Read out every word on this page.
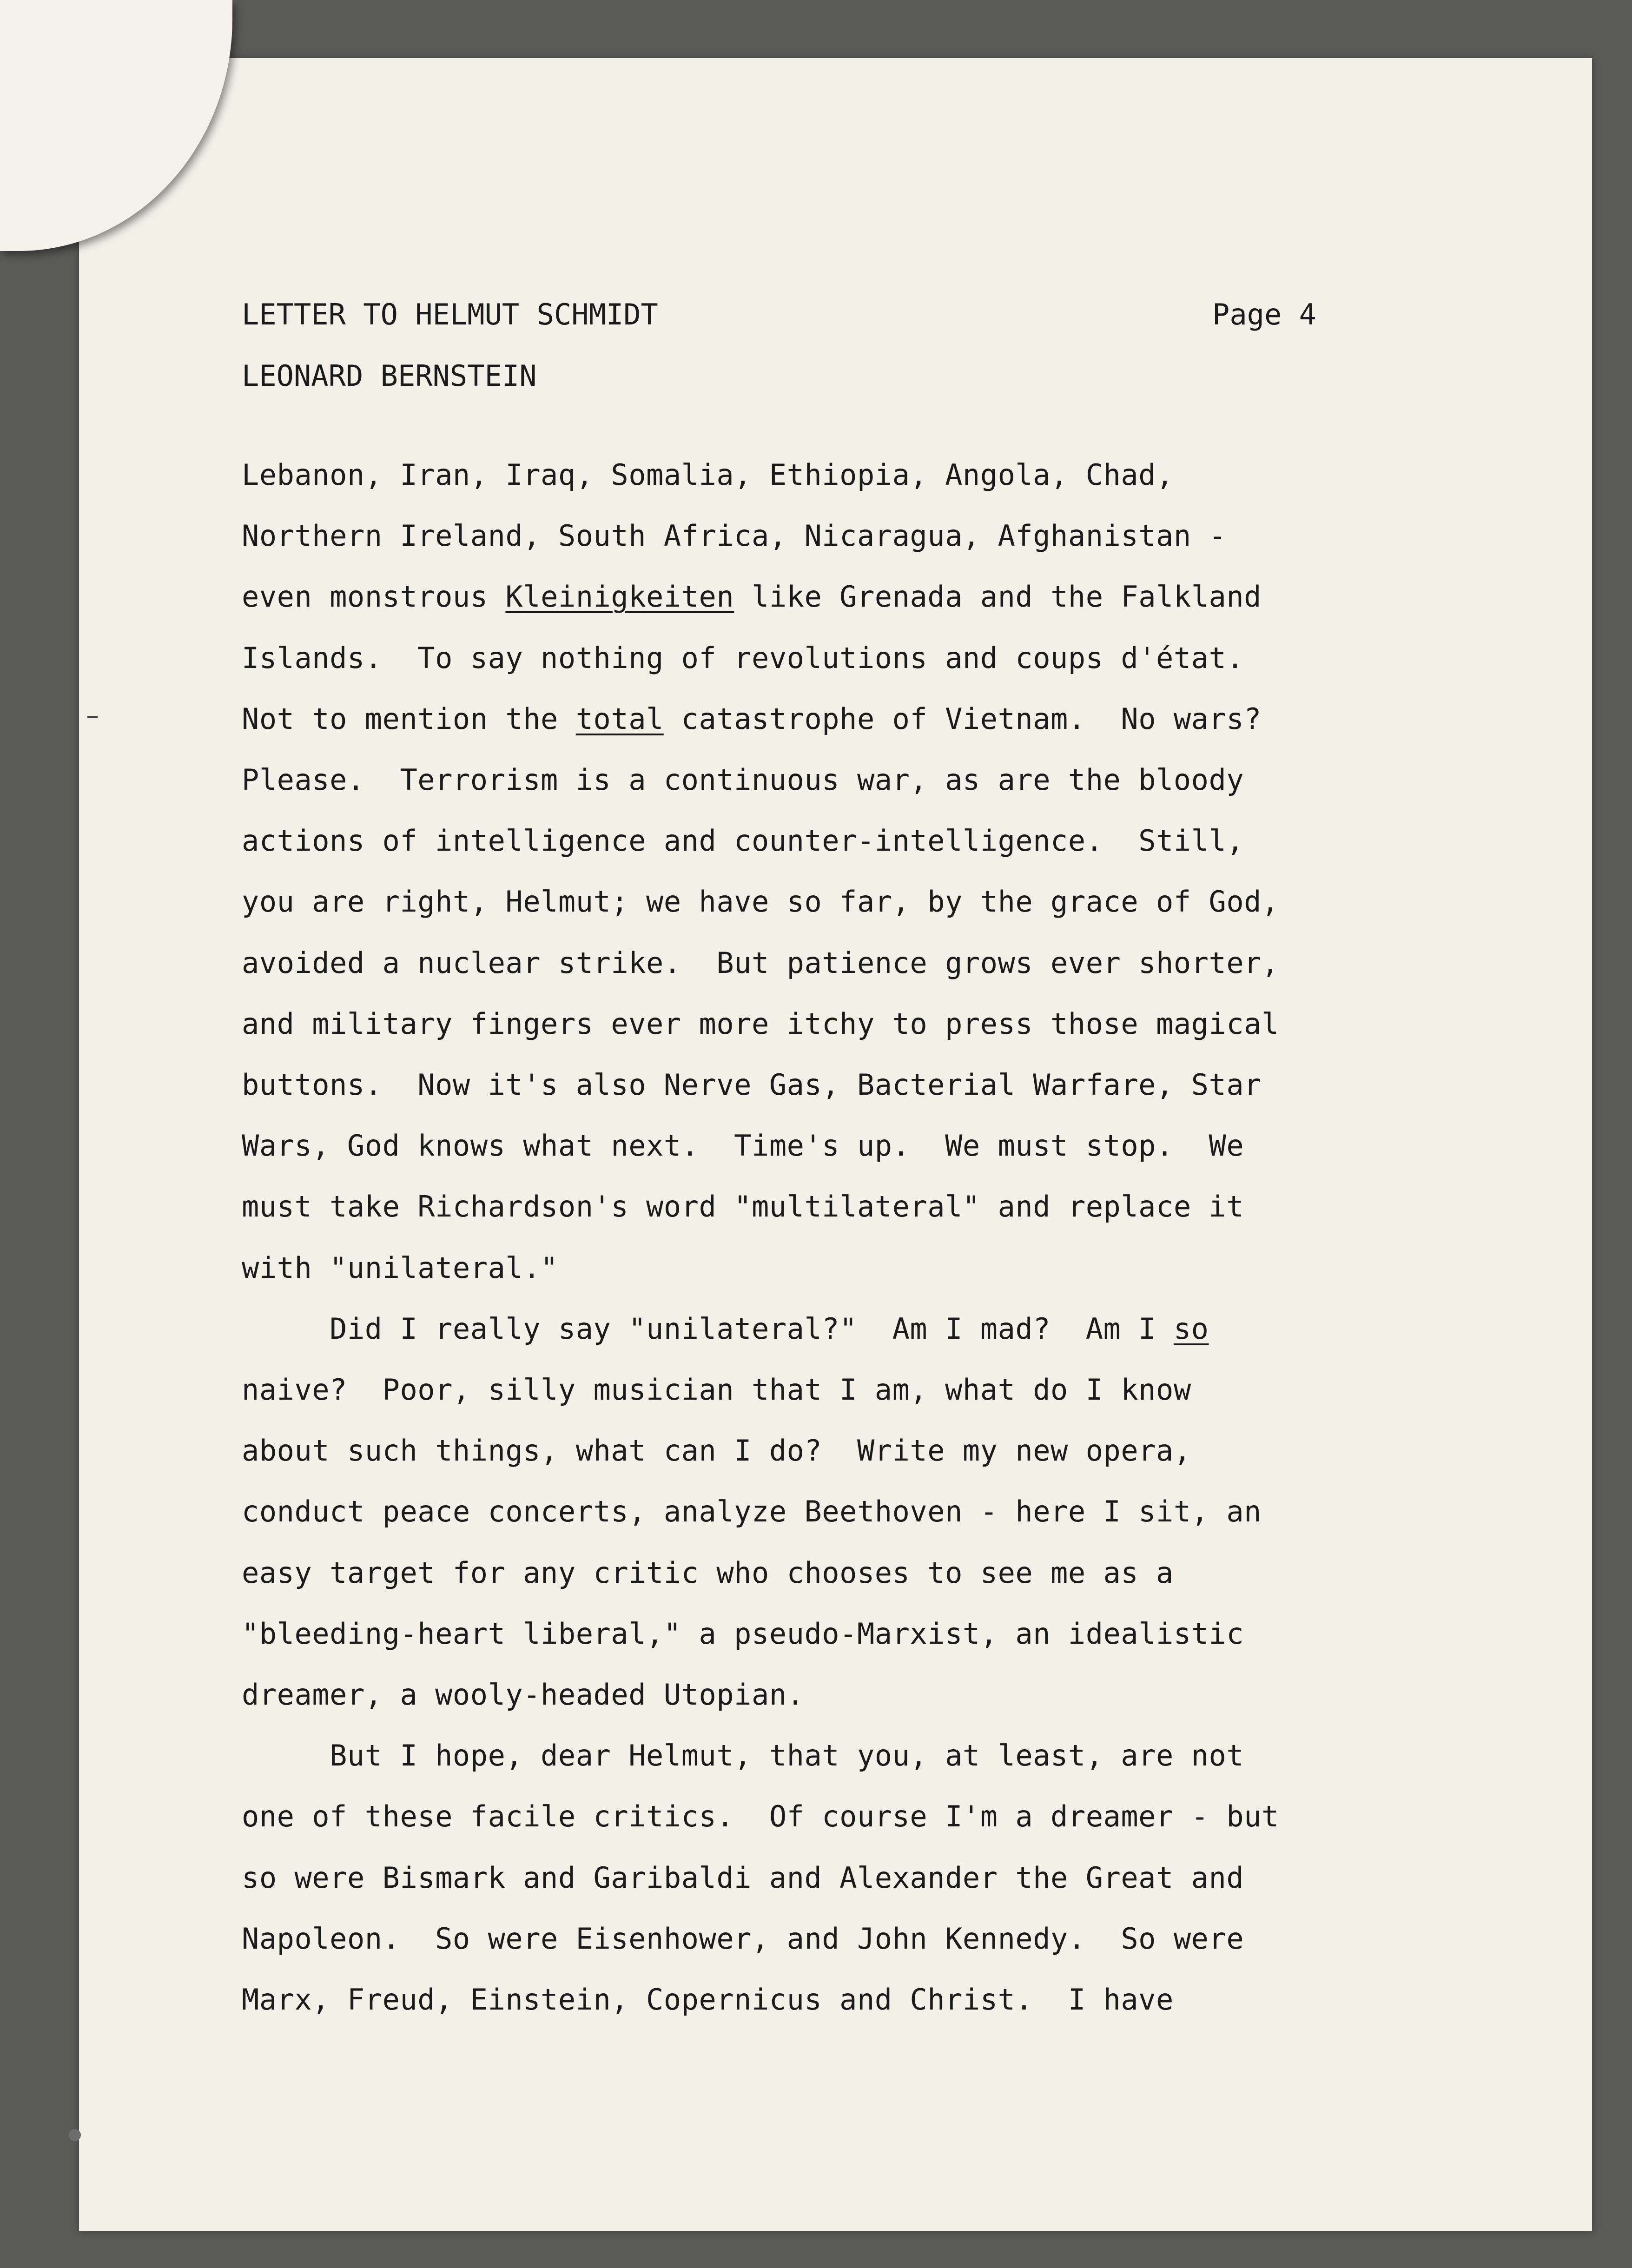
LETTER TO HELMUT SCHMIDT	Page 4
LEONARD BERNSTEIN
Lebanon, Iran, Iraq, Somalia, Ethiopia, Angola, Chad,
Northern Ireland, South Africa, Nicaragua, Afghanistan -
even monstrous Kleinigkeiten like Grenada and the Falkland
Islands.  To say nothing of revolutions and coups d'état.
Not to mention the total catastrophe of Vietnam.  No wars?
Please.  Terrorism is a continuous war, as are the bloody
actions of intelligence and counter-intelligence.  Still,
you are right, Helmut; we have so far, by the grace of God,
avoided a nuclear strike.  But patience grows ever shorter,
and military fingers ever more itchy to press those magical
buttons.  Now it's also Nerve Gas, Bacterial Warfare, Star
Wars, God knows what next.  Time's up.  We must stop.  We
must take Richardson's word "multilateral" and replace it
with "unilateral."
Did I really say "unilateral?"  Am I mad?  Am I so
naive?  Poor, silly musician that I am, what do I know
about such things, what can I do?  Write my new opera,
conduct peace concerts, analyze Beethoven - here I sit, an
easy target for any critic who chooses to see me as a
"bleeding-heart liberal," a pseudo-Marxist, an idealistic
dreamer, a wooly-headed Utopian.
But I hope, dear Helmut, that you, at least, are not
one of these facile critics.  Of course I'm a dreamer - but
so were Bismark and Garibaldi and Alexander the Great and
Napoleon.  So were Eisenhower, and John Kennedy.  So were
Marx, Freud, Einstein, Copernicus and Christ.  I have
